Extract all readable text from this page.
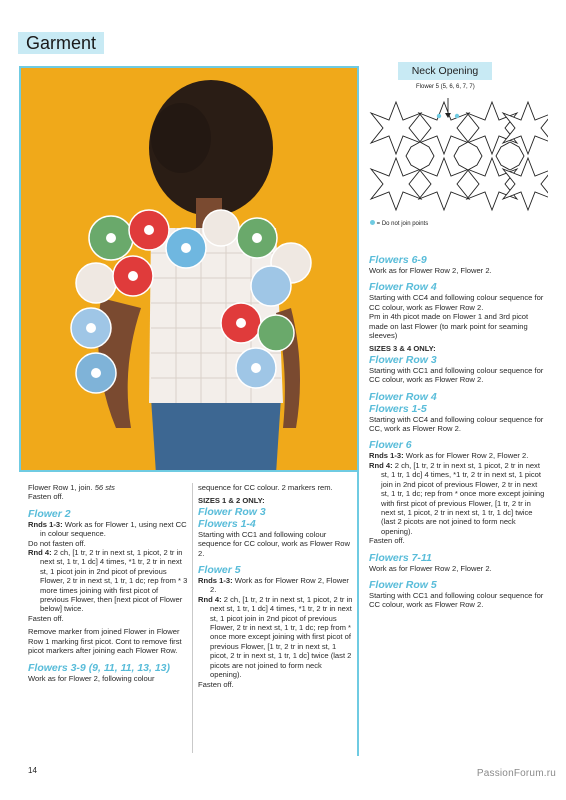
Garment
Neck Opening
Flower 5 (5, 6, 6, 7, 7)
= Do not join points

Flower Row 1, join. 56 sts

Fasten off.

Flower 2

Rnds 1-3: Work as for Flower 1, using next CC in colour sequence.

Do not fasten off.

Rnd 4: 2 ch, [1 tr, 2 tr in next st, 1 picot, 2 tr in next st, 1 tr, 1 dc] 4 times, *1 tr, 2 tr in next st, 1 picot join in 2nd picot of previous Flower, 2 tr in next st, 1 tr, 1 dc; rep from * 3 more times joining with first picot of previous Flower, then [next picot of Flower below] twice.

Fasten off.

Remove marker from joined Flower in Flower Row 1 marking first picot. Cont to remove first picot markers after joining each Flower Row.

Flowers 3-9 (9, 11, 11, 13, 13)

Work as for Flower 2, following colour

sequence for CC colour. 2 markers rem.

SIZES 1 & 2 ONLY:

Flower Row 3
Flowers 1-4

Starting with CC1 and following colour sequence for CC colour, work as Flower Row 2.

Flower 5

Rnds 1-3: Work as for Flower Row 2, Flower 2.

Rnd 4: 2 ch, [1 tr, 2 tr in next st, 1 picot, 2 tr in next st, 1 tr, 1 dc] 4 times, *1 tr, 2 tr in next st, 1 picot join in 2nd picot of previous Flower, 2 tr in next st, 1 tr, 1 dc; rep from * once more except joining with first picot of previous Flower, [1 tr, 2 tr in next st, 1 picot, 2 tr in next st, 1 tr, 1 dc] twice (last 2 picots are not joined to form neck opening).

Fasten off.

Flowers 6-9

Work as for Flower Row 2, Flower 2.

Flower Row 4

Starting with CC4 and following colour sequence for CC colour, work as Flower Row 2.

Pm in 4th picot made on Flower 1 and 3rd picot made on last Flower (to mark point for seaming sleeves)

SIZES 3 & 4 ONLY:

Flower Row 3

Starting with CC1 and following colour sequence for CC colour, work as Flower Row 2.

Flower Row 4
Flowers 1-5

Starting with CC4 and following colour sequence for CC, work as Flower Row 2.

Flower 6

Rnds 1-3: Work as for Flower Row 2, Flower 2.

Rnd 4: 2 ch, [1 tr, 2 tr in next st, 1 picot, 2 tr in next st, 1 tr, 1 dc] 4 times, *1 tr, 2 tr in next st, 1 picot join in 2nd picot of previous Flower, 2 tr in next st, 1 tr, 1 dc; rep from * once more except joining with first picot of previous Flower, [1 tr, 2 tr in next st, 1 picot, 2 tr in next st, 1 tr, 1 dc] twice (last 2 picots are not joined to form neck opening).

Fasten off.

Flowers 7-11

Work as for Flower Row 2, Flower 2.

Flower Row 5

Starting with CC1 and following colour sequence for CC colour, work as Flower Row 2.

14	PassionForum.ru
